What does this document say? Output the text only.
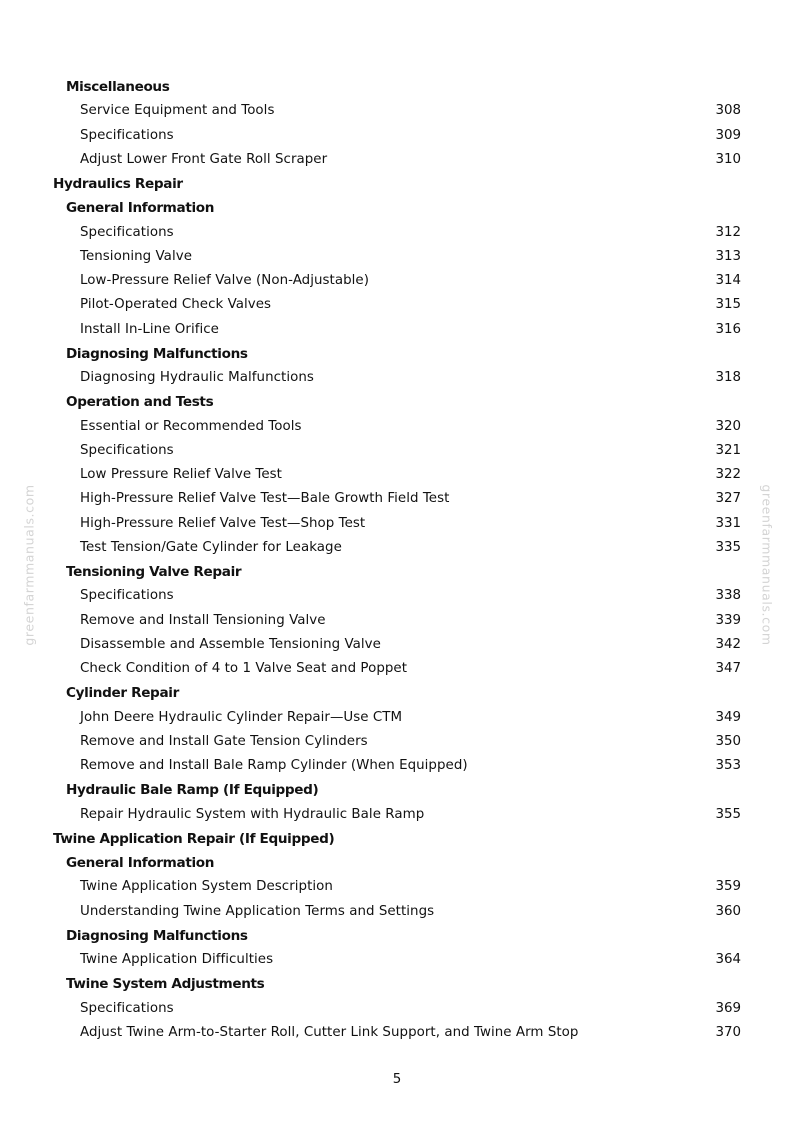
Miscellaneous
Service Equipment and Tools	308
Specifications	309
Adjust Lower Front Gate Roll Scraper	310
Hydraulics Repair
General Information
Specifications	312
Tensioning Valve	313
Low-Pressure Relief Valve (Non-Adjustable)	314
Pilot-Operated Check Valves	315
Install In-Line Orifice	316
Diagnosing Malfunctions
Diagnosing Hydraulic Malfunctions	318
Operation and Tests
Essential or Recommended Tools	320
Specifications	321
Low Pressure Relief Valve Test	322
High-Pressure Relief Valve Test—Bale Growth Field Test	327
High-Pressure Relief Valve Test—Shop Test	331
Test Tension/Gate Cylinder for Leakage	335
Tensioning Valve Repair
Specifications	338
Remove and Install Tensioning Valve	339
Disassemble and Assemble Tensioning Valve	342
Check Condition of 4 to 1 Valve Seat and Poppet	347
Cylinder Repair
John Deere Hydraulic Cylinder Repair—Use CTM	349
Remove and Install Gate Tension Cylinders	350
Remove and Install Bale Ramp Cylinder (When Equipped)	353
Hydraulic Bale Ramp (If Equipped)
Repair Hydraulic System with Hydraulic Bale Ramp	355
Twine Application Repair (If Equipped)
General Information
Twine Application System Description	359
Understanding Twine Application Terms and Settings	360
Diagnosing Malfunctions
Twine Application Difficulties	364
Twine System Adjustments
Specifications	369
Adjust Twine Arm-to-Starter Roll, Cutter Link Support, and Twine Arm Stop	370
greenfarmmanuals.com	greenfarmmanuals.com
5
